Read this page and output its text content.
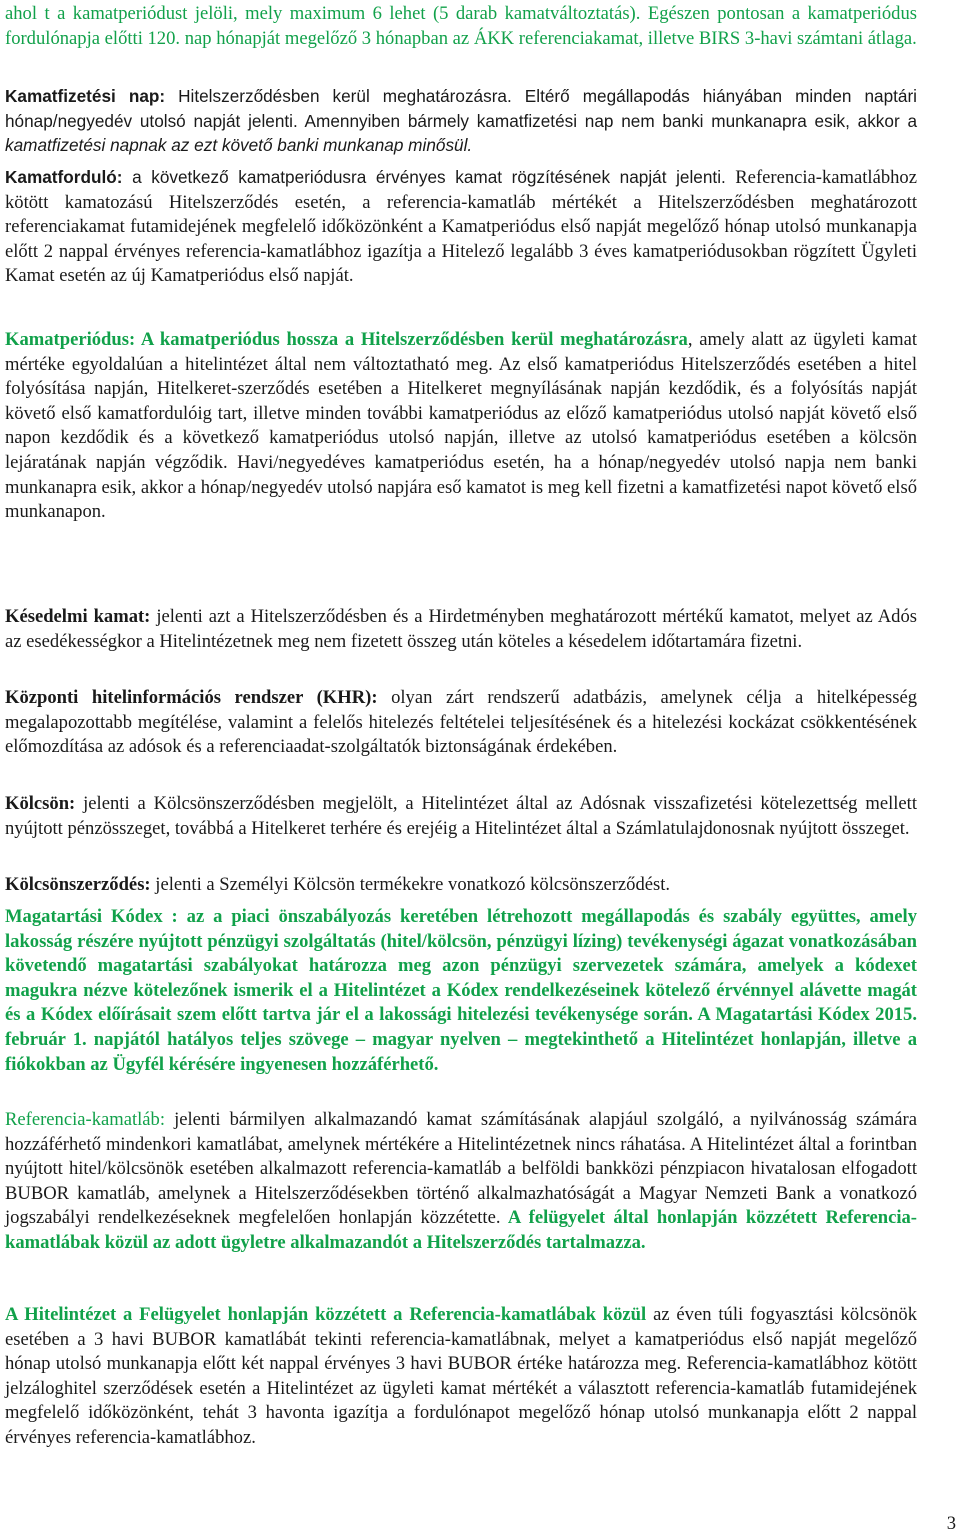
ahol t a kamatperiódust jelöli, mely maximum 6 lehet (5 darab kamatváltoztatás). Egészen pontosan a kamatperiódus fordulónapja előtti 120. nap hónapját megelőző 3 hónapban az ÁKK referenciakamat, illetve BIRS 3-havi számtani átlaga.

Kamatfizetési nap: Hitelszerződésben kerül meghatározásra. Eltérő megállapodás hiányában minden naptári hónap/negyedév utolsó napját jelenti. Amennyiben bármely kamatfizetési nap nem banki munkanapra esik, akkor a kamatfizetési napnak az ezt követő banki munkanap minősül.

Kamatforduló: a következő kamatperiódusra érvényes kamat rögzítésének napját jelenti. Referencia-kamatlábhoz kötött kamatozású Hitelszerződés esetén, a referencia-kamatláb mértékét a Hitelszerződésben meghatározott referenciakamat futamidejének megfelelő időközönként a Kamatperiódus első napját megelőző hónap utolsó munkanapja előtt 2 nappal érvényes referencia-kamatlábhoz igazítja a Hitelező legalább 3 éves kamatperiódusokban rögzített Ügyleti Kamat esetén az új Kamatperiódus első napját.

Kamatperiódus: A kamatperiódus hossza a Hitelszerződésben kerül meghatározásra, amely alatt az ügyleti kamat mértéke egyoldalúan a hitelintézet által nem változtatható meg. Az első kamatperiódus Hitelszerződés esetében a hitel folyósítása napján, Hitelkeret-szerződés esetében a Hitelkeret megnyílásának napján kezdődik, és a folyósítás napját követő első kamatfordulóig tart, illetve minden további kamatperiódus az előző kamatperiódus utolsó napját követő első napon kezdődik és a következő kamatperiódus utolsó napján, illetve az utolsó kamatperiódus esetében a kölcsön lejáratának napján végződik. Havi/negyedéves kamatperiódus esetén, ha a hónap/negyedév utolsó napja nem banki munkanapra esik, akkor a hónap/negyedév utolsó napjára eső kamatot is meg kell fizetni a kamatfizetési napot követő első munkanapon.

Késedelmi kamat: jelenti azt a Hitelszerződésben és a Hirdetményben meghatározott mértékű kamatot, melyet az Adós az esedékességkor a Hitelintézetnek meg nem fizetett összeg után köteles a késedelem időtartamára fizetni.

Központi hitelinformációs rendszer (KHR): olyan zárt rendszerű adatbázis, amelynek célja a hitelképesség megalapozottabb megítélése, valamint a felelős hitelezés feltételei teljesítésének és a hitelezési kockázat csökkentésének előmozdítása az adósok és a referenciaadat-szolgáltatók biztonságának érdekében.

Kölcsön: jelenti a Kölcsönszerződésben megjelölt, a Hitelintézet által az Adósnak visszafizetési kötelezettség mellett nyújtott pénzösszeget, továbbá a Hitelkeret terhére és erejéig a Hitelintézet által a Számlatulajdonosnak nyújtott összeget.

Kölcsönszerződés: jelenti a Személyi Kölcsön termékekre vonatkozó kölcsönszerződést.

Magatartási Kódex : az a piaci önszabályozás keretében létrehozott megállapodás és szabály együttes, amely lakosság részére nyújtott pénzügyi szolgáltatás (hitel/kölcsön, pénzügyi lízing) tevékenységi ágazat vonatkozásában követendő magatartási szabályokat határozza meg azon pénzügyi szervezetek számára, amelyek a kódexet magukra nézve kötelezőnek ismerik el a Hitelintézet a Kódex rendelkezéseinek kötelező érvénnyel alávette magát és a Kódex előírásait szem előtt tartva jár el a lakossági hitelezési tevékenysége során. A Magatartási Kódex 2015. február 1. napjától hatályos teljes szövege – magyar nyelven – megtekinthető a Hitelintézet honlapján, illetve a fiókokban az Ügyfél kérésére ingyenesen hozzáférhető.

Referencia-kamatláb: jelenti bármilyen alkalmazandó kamat számításának alapjául szolgáló, a nyilvánosság számára hozzáférhető mindenkori kamatlábat, amelynek mértékére a Hitelintézetnek nincs ráhatása. A Hitelintézet által a forintban nyújtott hitel/kölcsönök esetében alkalmazott referencia-kamatláb a belföldi bankközi pénzpiacon hivatalosan elfogadott BUBOR kamatláb, amelynek a Hitelszerződésekben történő alkalmazhatóságát a Magyar Nemzeti Bank a vonatkozó jogszabályi rendelkezéseknek megfelelően honlapján közzétette. A felügyelet által honlapján közzétett Referencia-kamatlábak közül az adott ügyletre alkalmazandót a Hitelszerződés tartalmazza.

A Hitelintézet a Felügyelet honlapján közzétett a Referencia-kamatlábak közül az éven túli fogyasztási kölcsönök esetében a 3 havi BUBOR kamatlábát tekinti referencia-kamatlábnak, melyet a kamatperiódus első napját megelőző hónap utolsó munkanapja előtt két nappal érvényes 3 havi BUBOR értéke határozza meg. Referencia-kamatlábhoz kötött jelzáloghitel szerződések esetén a Hitelintézet az ügyleti kamat mértékét a választott referencia-kamatláb futamidejének megfelelő időközönként, tehát 3 havonta igazítja a fordulónapot megelőző hónap utolsó munkanapja előtt 2 nappal érvényes referencia-kamatlábhoz.

3
